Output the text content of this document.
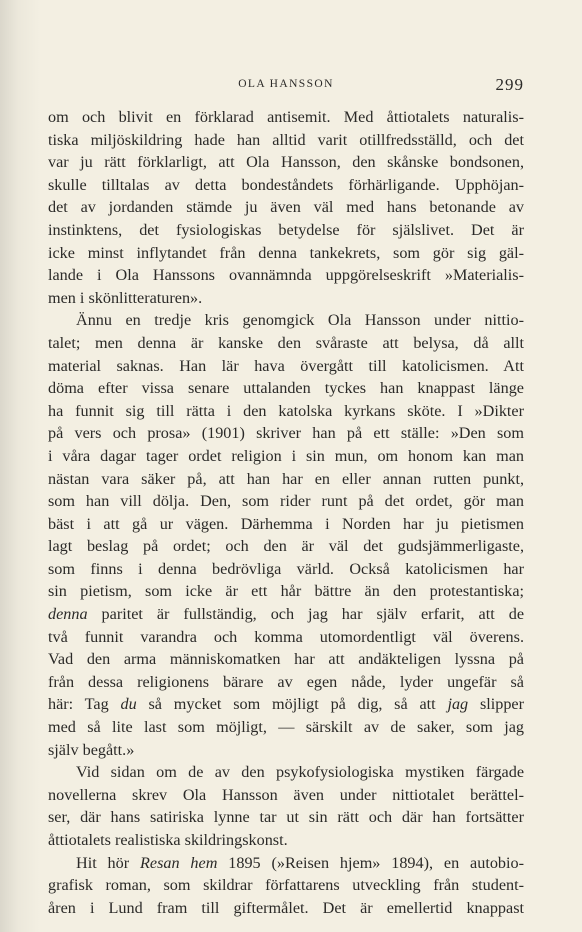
OLA HANSSON	299
om och blivit en förklarad antisemit. Med åttiotalets naturalis-
tiska miljöskildring hade han alltid varit otillfredsställd, och det
var ju rätt förklarligt, att Ola Hansson, den skånske bondsonen,
skulle tilltalas av detta bondeståndets förhärligande. Upphöjan-
det av jordanden stämde ju även väl med hans betonande av
instinktens, det fysiologiskas betydelse för själslivet. Det är
icke minst inflytandet från denna tankekrets, som gör sig gäl-
lande i Ola Hanssons ovannämnda uppgörelseskrift »Materialis-
men i skönlitteraturen».
Ännu en tredje kris genomgick Ola Hansson under nittio-
talet; men denna är kanske den svåraste att belysa, då allt
material saknas. Han lär hava övergått till katolicismen. Att
döma efter vissa senare uttalanden tyckes han knappast länge
ha funnit sig till rätta i den katolska kyrkans sköte. I »Dikter
på vers och prosa» (1901) skriver han på ett ställe: »Den som
i våra dagar tager ordet religion i sin mun, om honom kan man
nästan vara säker på, att han har en eller annan rutten punkt,
som han vill dölja. Den, som rider runt på det ordet, gör man
bäst i att gå ur vägen. Därhemma i Norden har ju pietismen
lagt beslag på ordet; och den är väl det gudsjämmerligaste,
som finns i denna bedrövliga värld. Också katolicismen har
sin pietism, som icke är ett hår bättre än den protestantiska;
denna paritet är fullständig, och jag har själv erfarit, att de
två funnit varandra och komma utomordentligt väl överens.
Vad den arma människomatken har att andäkteligen lyssna på
från dessa religionens bärare av egen nåde, lyder ungefär så
här: Tag du så mycket som möjligt på dig, så att jag slipper
med så lite last som möjligt, — särskilt av de saker, som jag
själv begått.»
Vid sidan om de av den psykofysiologiska mystiken färgade
novellerna skrev Ola Hansson även under nittiotalet berättel-
ser, där hans satiriska lynne tar ut sin rätt och där han fortsätter
åttiotalets realistiska skildringskonst.
Hit hör Resan hem 1895 (»Reisen hjem» 1894), en autobio-
grafisk roman, som skildrar författarens utveckling från student-
åren i Lund fram till giftermålet. Det är emellertid knappast
